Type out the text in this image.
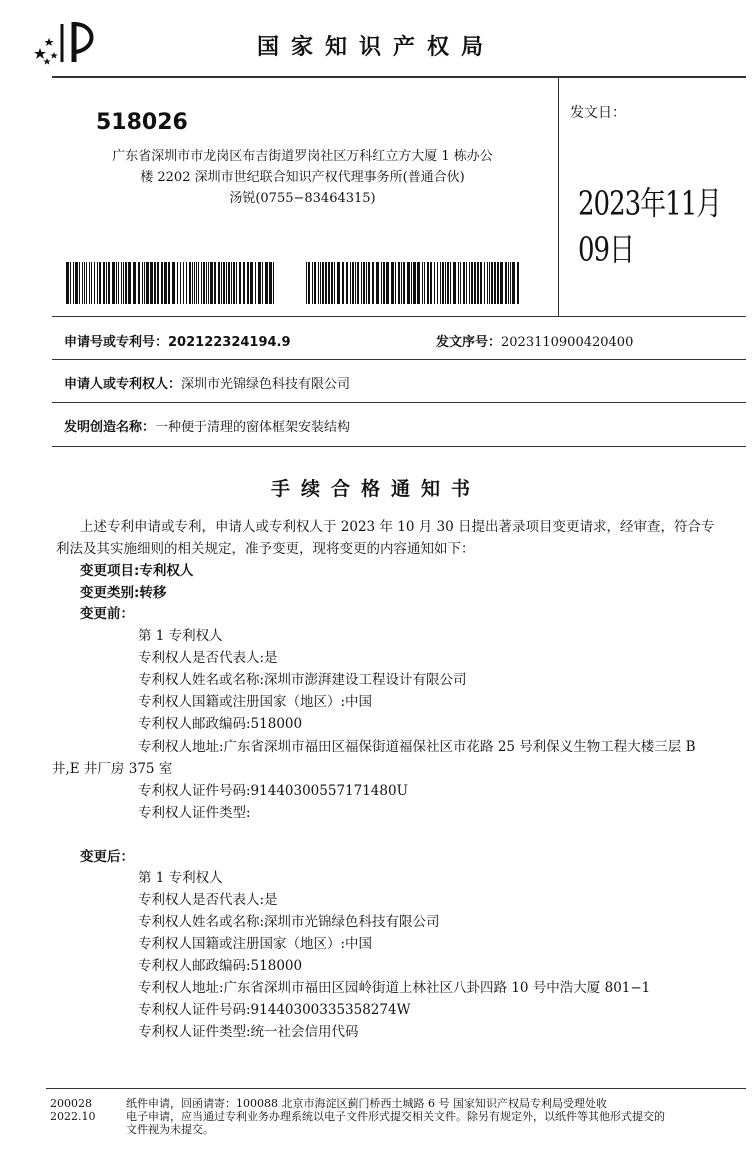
国家知识产权局
518026
广东省深圳市市龙岗区布吉街道罗岗社区万科红立方大厦 1 栋办公
楼 2202 深圳市世纪联合知识产权代理事务所(普通合伙)
汤锐(0755−83464315)
发文日：
2023年11月09日
申请号或专利号：202122324194.9	发文序号：2023110900420400
申请人或专利权人：深圳市光锦绿色科技有限公司
发明创造名称：一种便于清理的窗体框架安装结构
手续合格通知书
上述专利申请或专利，申请人或专利权人于 2023 年 10 月 30 日提出著录项目变更请求，经审查，符合专
利法及其实施细则的相关规定，准予变更，现将变更的内容通知如下：
变更项目:专利权人
变更类别:转移
变更前：
第 1 专利权人
专利权人是否代表人:是
专利权人姓名或名称:深圳市澎湃建设工程设计有限公司
专利权人国籍或注册国家（地区）:中国
专利权人邮政编码:518000
专利权人地址:广东省深圳市福田区福保街道福保社区市花路 25 号利保义生物工程大楼三层 B
井,E 井厂房 375 室
专利权人证件号码:91440300557171480U
专利权人证件类型:
变更后：
第 1 专利权人
专利权人是否代表人:是
专利权人姓名或名称:深圳市光锦绿色科技有限公司
专利权人国籍或注册国家（地区）:中国
专利权人邮政编码:518000
专利权人地址:广东省深圳市福田区园岭街道上林社区八卦四路 10 号中浩大厦 801−1
专利权人证件号码:91440300335358274W
专利权人证件类型:统一社会信用代码
200028
2022.10
纸件申请，回函请寄：100088 北京市海淀区蓟门桥西土城路 6 号 国家知识产权局专利局受理处收
电子申请，应当通过专利业务办理系统以电子文件形式提交相关文件。除另有规定外，以纸件等其他形式提交的
文件视为未提交。
